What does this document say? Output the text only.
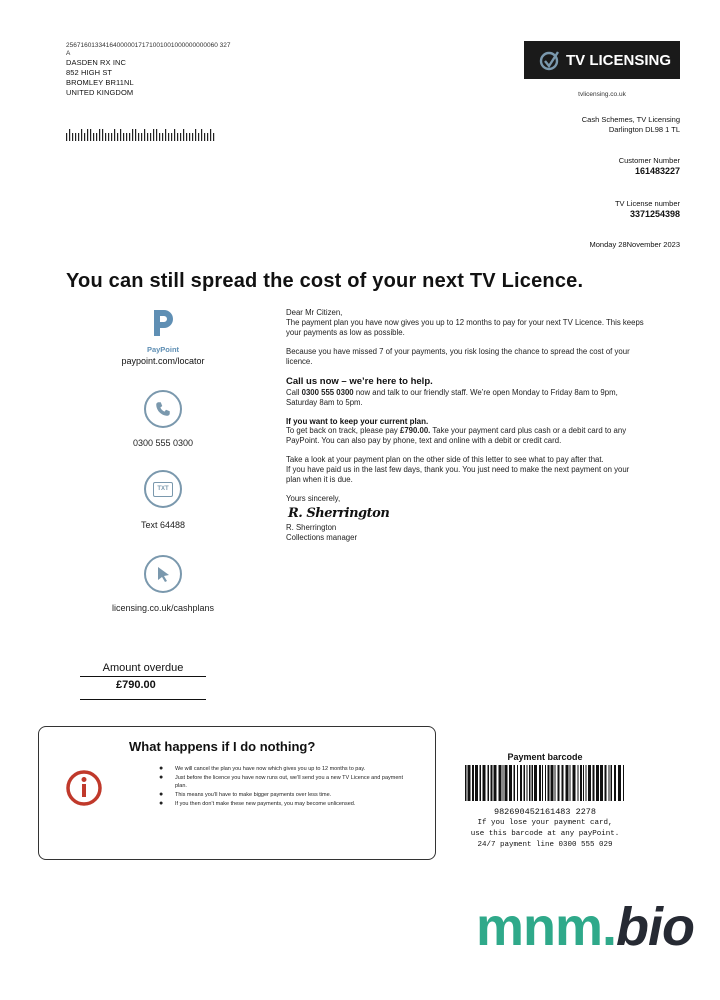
256716013341640000017171001001000000000060 327
A
DASDEN RX INC
852 HIGH ST
BROMLEY BR11NL
UNITED KINGDOM
TV LICENSING
tvlicensing.co.uk
Cash Schemes, TV Licensing
Darlington DL98 1 TL
Customer Number
161483227
TV License number
3371254398
Monday 28November 2023
You can still spread the cost of your next TV Licence.
PayPoint
paypoint.com/locator
0300 555 0300
TXT
Text 64488
licensing.co.uk/cashplans

Dear Mr Citizen,

The payment plan you have now gives you up to 12 months to pay for your next TV Licence. This keeps your payments as low as possible.

Because you have missed 7 of your payments, you risk losing the chance to spread the cost of your licence.

Call us now – we’re here to help.

Call 0300 555 0300 now and talk to our friendly staff. We’re open Monday to Friday 8am to 9pm, Saturday 8am to 5pm.

If you want to keep your current plan.

To get back on track, please pay £790.00. Take your payment card plus cash or a debit card to any PayPoint. You can also pay by phone, text and online with a debit or credit card.

Take a look at your payment plan on the other side of this letter to see what to pay after that.

If you have paid us in the last few days, thank you. You just need to make the next payment on your plan when it is due.

Yours sincerely,

R. Sherrington

R. Sherrington

Collections manager

Amount overdue
£790.00
What happens if I do nothing?
● We will cancel the plan you have now which gives you up to 12 months to pay.
● Just before the licence you have now runs out, we’ll send you a new TV Licence and payment plan.
● This means you’ll have to make bigger payments over less time.
● If you then don’t make these new payments, you may become unlicensed.
Payment barcode
982690452161483 2278
If you lose your payment card,
use this barcode at any payPoint.
24/7 payment line 0300 555 029
mnm.bio
